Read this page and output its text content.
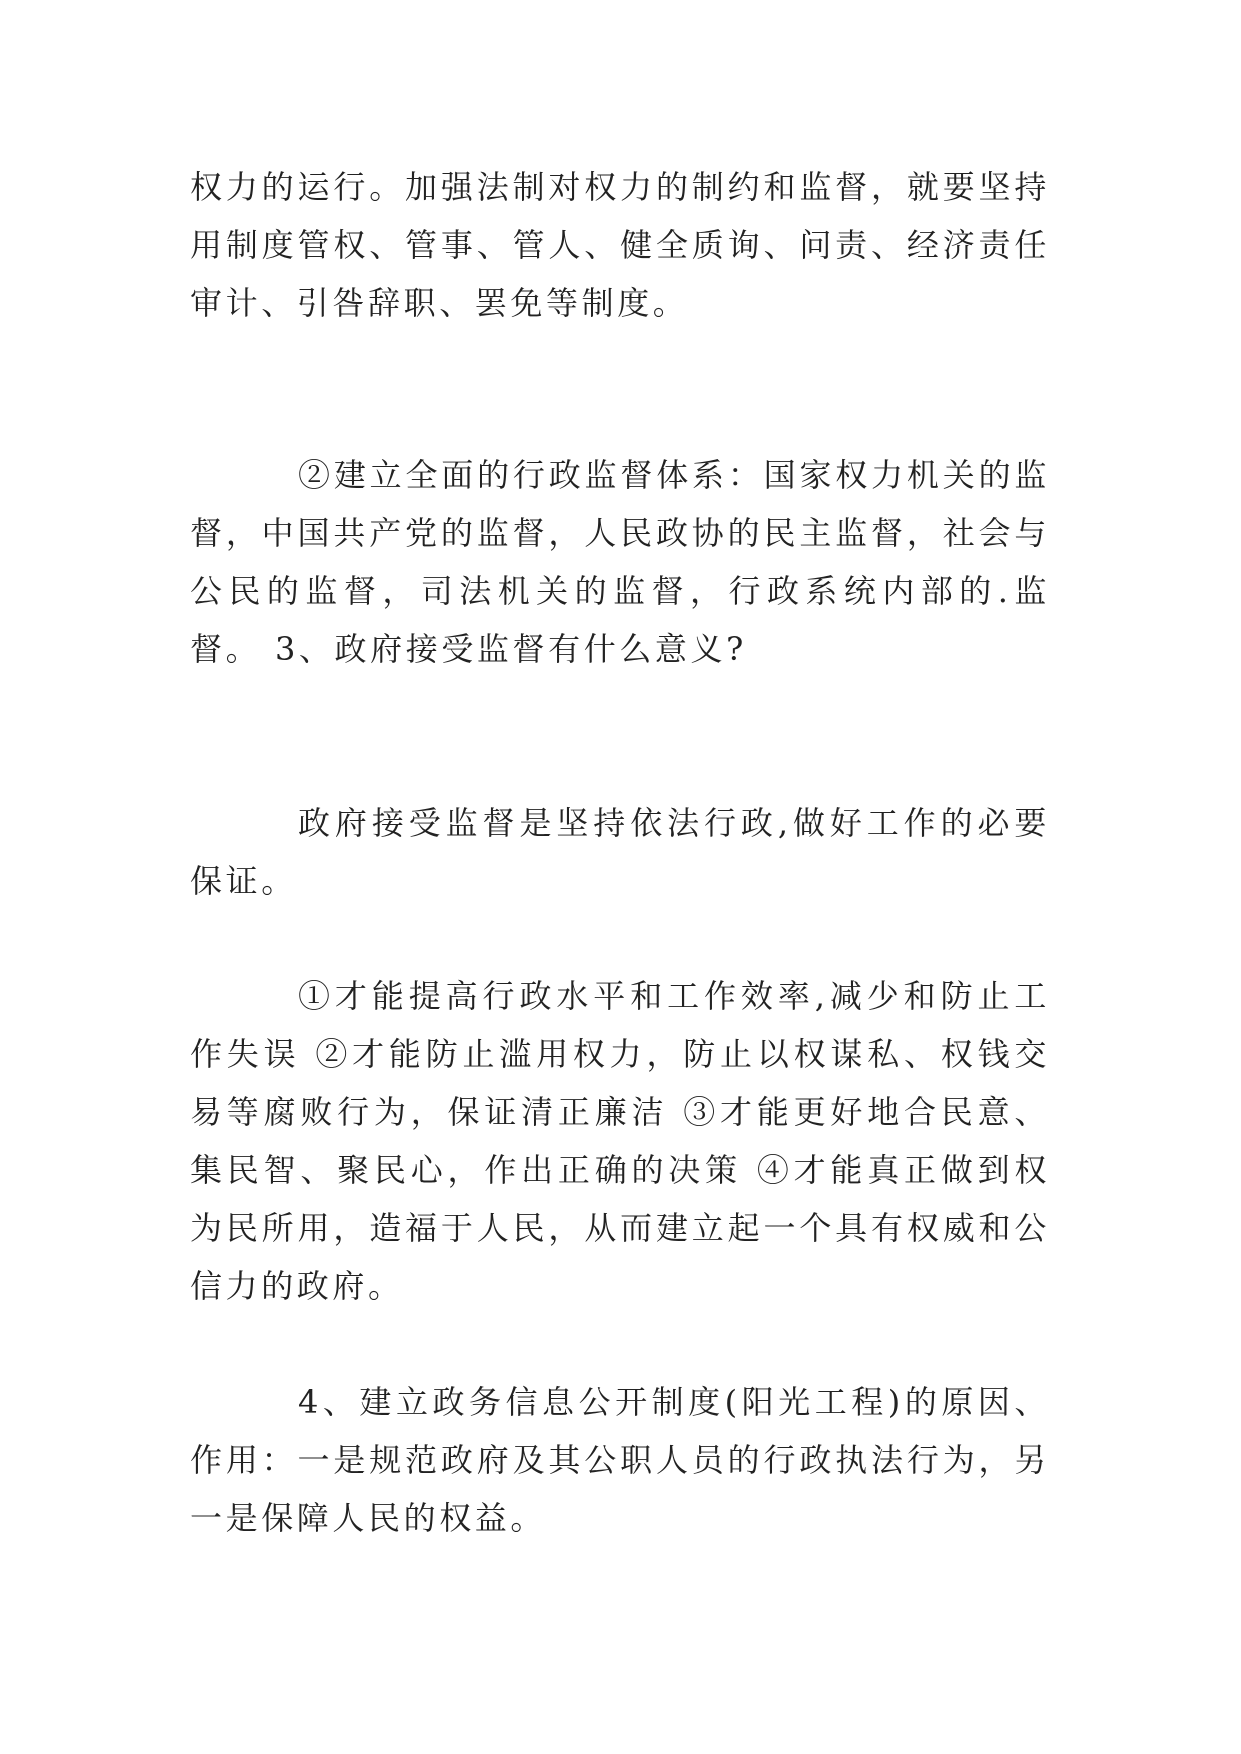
权力的运行。加强法制对权力的制约和监督，就要坚持用制度管权、管事、管人、健全质询、问责、经济责任审计、引咎辞职、罢免等制度。

②建立全面的行政监督体系：国家权力机关的监督，中国共产党的监督，人民政协的民主监督，社会与公民的监督，司法机关的监督，行政系统内部的.监督。 3、政府接受监督有什么意义?

政府接受监督是坚持依法行政,做好工作的必要保证。

①才能提高行政水平和工作效率,减少和防止工作失误 ②才能防止滥用权力，防止以权谋私、权钱交易等腐败行为，保证清正廉洁 ③才能更好地合民意、集民智、聚民心，作出正确的决策 ④才能真正做到权为民所用，造福于人民，从而建立起一个具有权威和公信力的政府。

4、建立政务信息公开制度(阳光工程)的原因、作用：一是规范政府及其公职人员的行政执法行为，另一是保障人民的权益。
